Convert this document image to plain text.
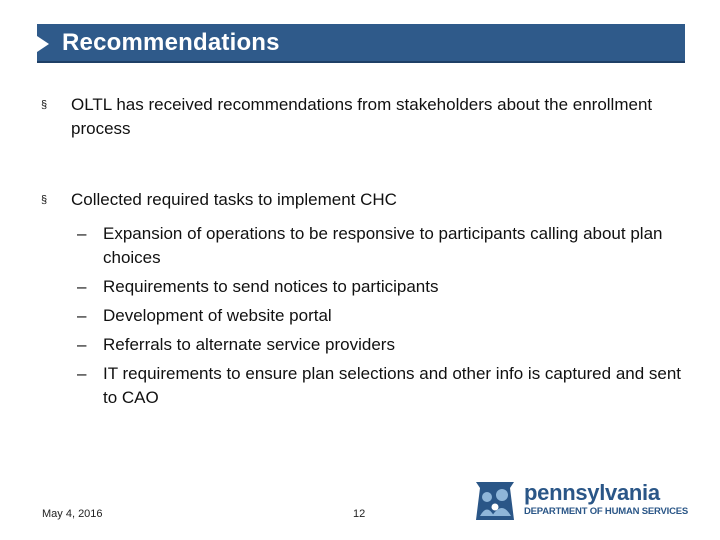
Recommendations
§ OLTL has received recommendations from stakeholders about the enrollment process
§ Collected required tasks to implement CHC
– Expansion of operations to be responsive to participants calling about plan choices
– Requirements to send notices to participants
– Development of website portal
– Referrals to alternate service providers
– IT requirements to ensure plan selections and other info is captured and sent to CAO
May 4, 2016	12
pennsylvania
DEPARTMENT OF HUMAN SERVICES
